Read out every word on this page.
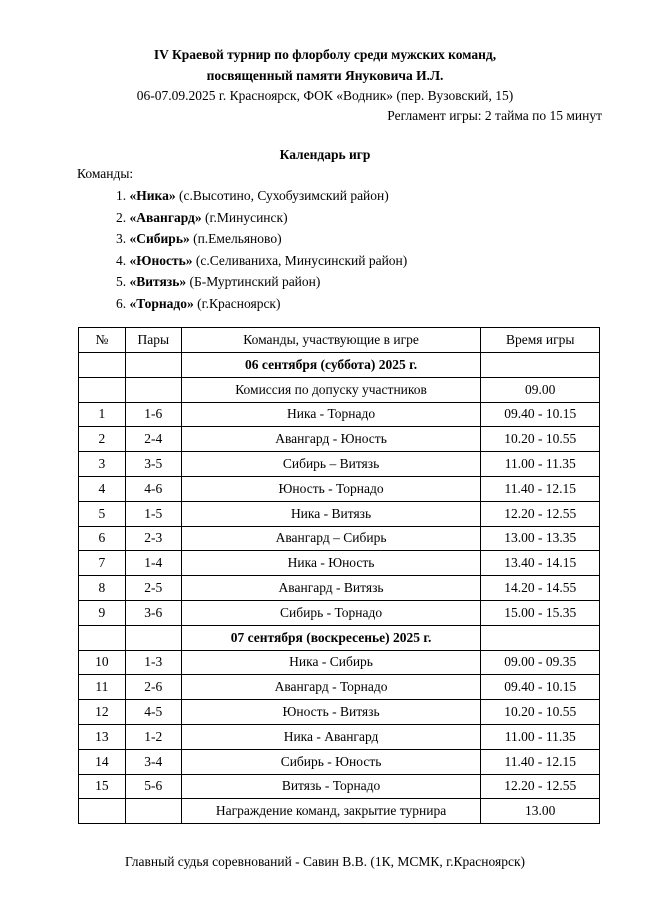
IV Краевой турнир по флорболу среди мужских команд,
посвященный памяти Януковича И.Л.
06-07.09.2025 г. Красноярск, ФОК «Водник» (пер. Вузовский, 15)
Регламент игры: 2 тайма по 15 минут
Календарь игр
Команды:
1. «Ника» (с.Высотино, Сухобузимский район)
2. «Авангард» (г.Минусинск)
3. «Сибирь» (п.Емельяново)
4. «Юность» (с.Селиваниха, Минусинский район)
5. «Витязь» (Б-Муртинский район)
6. «Торнадо» (г.Красноярск)
№	Пары	Команды, участвующие в игре	Время игры
		06 сентября (суббота) 2025 г.	
		Комиссия по допуску участников	09.00
1	1-6	Ника - Торнадо	09.40 - 10.15
2	2-4	Авангард - Юность	10.20 - 10.55
3	3-5	Сибирь – Витязь	11.00 - 11.35
4	4-6	Юность - Торнадо	11.40 - 12.15
5	1-5	Ника - Витязь	12.20 - 12.55
6	2-3	Авангард – Сибирь	13.00 - 13.35
7	1-4	Ника - Юность	13.40 - 14.15
8	2-5	Авангард - Витязь	14.20 - 14.55
9	3-6	Сибирь - Торнадо	15.00 - 15.35
		07 сентября (воскресенье) 2025 г.	
10	1-3	Ника - Сибирь	09.00 - 09.35
11	2-6	Авангард - Торнадо	09.40 - 10.15
12	4-5	Юность - Витязь	10.20 - 10.55
13	1-2	Ника - Авангард	11.00 - 11.35
14	3-4	Сибирь - Юность	11.40 - 12.15
15	5-6	Витязь - Торнадо	12.20 - 12.55
		Награждение команд, закрытие турнира	13.00
Главный судья соревнований - Савин В.В. (1К, МСМК, г.Красноярск)
